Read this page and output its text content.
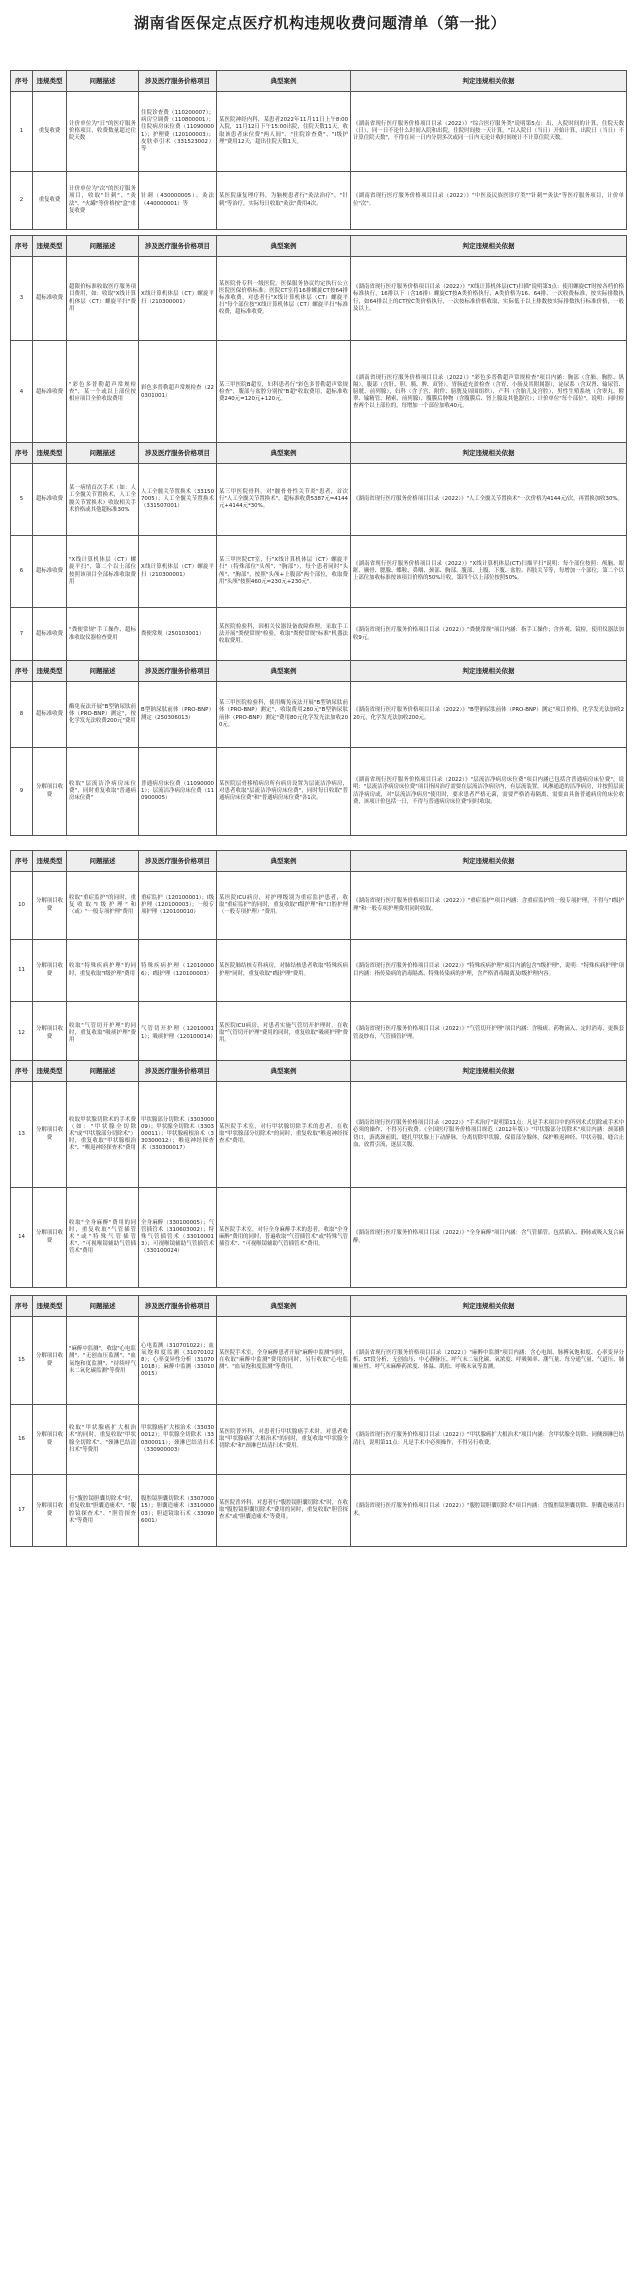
湖南省医保定点医疗机构违规收费问题清单（第一批）
序号	违规类型	问题描述	涉及医疗服务价格项目	典型案例	判定违规相关依据
1	重复收费	计价单位为"日"的医疗服务价格项目，收费数量超过住院天数	住院诊查费（110200007）；病房空调费（110800001）；住院病房床位费（110900001）；护理费（120100003）；皮肤牵引术（331523002）等	某医院神经内科，某患者2022年11月11日上午8:00入院，11月12日下午15:00出院，住院天数11天，收取该患者床位费"两人间"、"住院诊查费"、"I级护理"费用12天，超出住院天数1天。	《湖南省现行医疗服务价格项目目录（2022）》"综合医疗服务类"说明第5点：出、入院时间的计算，住院天数（日），同一日不论什么时间入院和出院，住院时间按一天计算，"以入院日（当日）开始计算，出院日（当日）不计算住院天数"，不得在同一日内分别多次或同一日内无论计收时间统计不计算住院天数。
2	重复收费	计价单位为"次"的医疗服务项目，收取"针刺"、"灸法"、"火罐"等价格按"盒"重复收费	针刺（430000005）；灸法（440000001）等	某医院康复理疗科，为脑梗患者行"灸法治疗"、"针刺"等治疗，实际每日收取"灸法"费用4次。	《湖南省现行医疗服务价格项目目录（2022）》"中医及民族医诊疗类""针刺""灸法"等医疗服务项目，计价单位"次"。
序号	违规类型	问题描述	涉及医疗服务价格项目	典型案例	判定违规相关依据
3	超标准收费	超限价标准收取医疗服务项目费用，如：收取"X线计算机体层（CT）螺旋平扫"费用	X线计算机体层（CT）螺旋平扫（210300001）	某医院骨专科一级医院，医保服务协议约定执行公立医院医保价格标准。医院CT室将16排螺旋CT按64排标准收费，对患者行"X线计算机体层（CT）螺旋平扫"每个部位按"X线计算机体层（CT）螺旋平扫"标准收费，超标准收费。	《湖南省现行医疗服务价格项目目录（2022）》"X线计算机体层(CT)扫描"说明第3点：使用螺旋CT时按各档价格标准执行，16排以下（含16排）螺旋CT按A类价格执行，A类价格为16、64排、一次收费标准，按实际排数执行，如64排以上的CT按C类价格执行，一次按标准价格收取，实际低于以上排数按实际排数执行标准价格，一般及以上。
4	超标准收费	"彩色多普勒超声常规检查"，某一个或以上部位按相应项目全价收取费用	彩色多普勒超声常规检查（220301001）	某三甲医院B超室，妇科患者行"彩色多普勒超声常规检查"，腹部与盆腔分别按"B超"收取费用，超标准收费240元=120元+120元。	《湖南省现行医疗服务价格项目目录（2022）》"彩色多普勒超声常规检查"项目内涵：胸部（含肺、胸腔、纵隔），腹部（含肝、胆、胰、脾、双肾），胃肠道充盈检查（含胃、小肠及其附属器），泌尿系（含双肾、输尿管、膀胱、前列腺），妇科（含子宫、附件、膀胱及周围组织），产科（含胎儿及宫腔），男性生殖系统（含睾丸、附睾、输精管、精索、前列腺），腹膜后肿物（含腹膜后、肾上腺及其他器官）；计价单位"每个部位"，说明：同时检查两个以上部位的，每增加一个部位加收40元。
序号	违规类型	问题描述	涉及医疗服务价格项目	典型案例	判定违规相关依据
5	超标准收费	某一病情首次手术（如：人工全髋关节置换术，人工全髋关节置换术）收取相关手术价格或其他超标准30%	人工全髋关节置换术（331507005）；人工全髋关节置换术（331507001）	某三甲医院骨科，对"髋骨骨性关节炎"患者，首次行"人工全髋关节置换术"，超标准收费5387元=4144元+4144元*30%。	《湖南省现行医疗服务价格项目目录（2022）》"人工全髋关节置换术"一次价格为4144元/次，再置换加收30%。
6	超标准收费	"X线计算机体层（CT）螺旋平扫"，第二个以上部位按照该项目全部标准收取费用	X线计算机体层（CT）螺旋平扫（210300001）	某三甲医院CT室，行"X线计算机体层（CT）螺旋平扫"（特殊部位"头颅"、"胸部"），每个患者同时"头颅"、"胸部"，按照"头颅+上腹部"两个部位，收取费用"头颅"按照460元=230元+230元"。	《湖南省现行医疗服务价格项目目录（2022）》"X线计算机体层(CT)扫描平扫"说明：每个部位按照：颅脑、眼眶、颞骨、腮腺、蝶鞍、鼻咽、颈部、胸部、腹部、上腹、下腹、盆腔、四肢关节等，每增加一个部位，第二个以上部位加收标准按该项目价格的50%计收，第四个以上部位按照50%。
7	超标准收费	"粪便常规"手工操作、超标准收取仪器检查费用	粪便常规（250103001）	某医院检验科，因相关仪器设备故障修理，采取手工法开展"粪便常规"检验，收取"粪便常规"标准"机器法收取费用。	《湖南省现行医疗服务价格项目目录（2022）》"粪便常规"项目内涵：指手工操作；含外观、镜检，使用仪器法加收9元。
序号	违规类型	问题描述	涉及医疗服务价格项目	典型案例	判定违规相关依据
8	超标准收费	酶免夜法开展"B型钠尿肽前体（PRO-BNP）测定"，按化学发光法收费200元"费用	B型钠尿肽前体（PRO-BNP）测定（250306013）	某三甲医院检验科，使用酶免夜法开展"B型钠尿肽前体（PRO-BNP）测定"，收取费用280元"B型钠尿肽前体（PRO-BNP）测定"费用80元化学发光法加收200元。	《湖南省现行医疗服务价格项目目录（2022）》"B型钠尿肽前体（PRO-BNP）测定"项目价格，化学发光法加收220元，化学发光法加收200元。
9	分解项目收费	收取"层流洁净病房床位费"，同时重复收取"普通病房床位费"	普通病房床位费（110900001）；层流洁净病房床位费（110900005）	某医院层骨移植病房所有病房设置为层流洁净病房，对患者收取"层流洁净病房床位费"，同时每日收取"普通病房床位费"和"普通病房床位费"各1次。	《湖南省现行医疗服务价格项目目录（2022）》"层流洁净病房床位费"项目内涵已包括含普通病房床位费"，说明："层流洁净病房床位费"项目指因治疗需要在层流洁净病房内，有层流装置，风淋通道的洁净病房，并按照层流洁净病房或，对"层流洁净病房"使用时，要求患者严格无菌，需要严格消毒隔离、需要由具备普通病房的床位收费，该项计价包括一日，不得与普通病房床位费"同时收取。
序号	违规类型	问题描述	涉及医疗服务价格项目	典型案例	判定违规相关依据
10	分解项目收费	收取"重症监护"的同时，重复收取"I级护理"和（或）"一般专项护理"费用	重症监护（120100001）；I级护理（120100003）；一般专项护理（120100010）	某医院ICU病房，对护理级别为重症监护患者，收取"重症监护"的同时，重复收取"I级护理"和"口腔护理（一般专项护理）"费用。	《湖南省现行医疗服务价格项目目录（2022）》"重症监护"项目内涵：含重症监护的一般专项护理，不得与"I级护理"和一般专项护理费用同时收取。
11	分解项目收费	收取"特殊疾病护理"的同时，重复收取"I级护理"费用	特殊疾病护理（120100006）；I级护理（120100003）	某医院肺结核专科病房，对肺结核患者收取"特殊疾病护理"同时，重复收取"I级护理"费用。	《湖南省现行医疗服务价格项目目录（2022）》"特殊疾病护理"项目内涵包含"I级护理"，说明："特殊疾病护理"项目内涵：指传染病的消毒隔离、特殊传染病的护理，含严格消毒隔离及I级护理内容。
12	分解项目收费	收取"气管切开护理"的同时，重复收取"吸痰护理"费用	气管切开护理（120100011）；吸痰护理（120100014）	某医院ICU病房，对患者实施气管切开护理时，在收取"气管切开护理"费用的同时，重复收取"吸痰护理"费用。	《湖南省现行医疗服务价格项目目录（2022）》"气管切开护理"项目内涵：含吸痰、药物滴入、定时消毒、更换套管及纱布，气管插管护理。
序号	违规类型	问题描述	涉及医疗服务价格项目	典型案例	判定违规相关依据
13	分解项目收费	收取甲状腺切除术的手术费（如："甲状腺全切除术"或"甲状腺部分切除术"）时，重复收取"甲状腺根治术"、"喉返神经探查术"费用	甲状腺部分切除术（330300009）；甲状腺全切除术（330300011）；甲状腺癌根治术（330300012）；喉返神经探查术（330300017）	某医院手术室，对行甲状腺切除手术的患者，在收取"甲状腺部分切除术"的同时，重复收取"喉返神经探查术"费用。	《湖南省现行医疗服务价格项目目录（2022）》"手术治疗"说明第11点：凡是手术项目中的所列术式切除或手术中必须的操作，不得另行收费。《全国医疗服务价格项目规范（2012年版）》"甲状腺部分切除术"项目内涵：颈部横切口，游离颈前肌，缝扎甲状腺上下动静脉，分离切除甲状腺，保留部分腺体，保护喉返神经、甲状旁腺，缝合止血，放置引流，逐层关腹。
14	分解项目收费	收取"全身麻醉"费用的同时，重复收取"气管插管术"或"特殊气管插管术"、"可视喉镜辅助气管插管术"费用	全身麻醉（330100005）；气管插管术（310603002）；特殊气管插管术（330100013）；可视喉镜辅助气管插管术（330100024）	某医院手术室，对行全身麻醉手术的患者，收取"全身麻醉"费用的同时，普遍收取"气管插管术"或"特殊气管插管术"、"可视喉镜辅助气管插管术"费用。	《湖南省现行医疗服务价格项目目录（2022）》"全身麻醉"项目内涵：含气管插管，包括插入、静脉或吸入复合麻醉。
序号	违规类型	问题描述	涉及医疗服务价格项目	典型案例	判定违规相关依据
15	分解项目收费	"麻醉中监测"，收取"心电监测"、"无创血压监测"、"血氧饱和度监测"、"持续呼气末二氧化碳监测"等费用	心电监测（310701022）；血氧饱和度监测（310701028）；心率变异性分析（310701018）；麻醉中监测（330100015）	某医院手术室，全身麻醉患者开展"麻醉中监测"同时，在收取"麻醉中监测"费用的同时，另行收取"心电监测"、"血氧饱和度监测"等费用。	《湖南省现行医疗服务价格项目目录（2022）》"麻醉中监测"项目内涵：含心电图、脉搏氧饱和度、心率变异分析、ST段分析、无创血压、中心静脉压、呼气末二氧化碳、氧浓度、呼吸频率、潮气量、每分通气量、气道压、肺顺应性、呼气末麻醉药浓度、体温、肌松、呼吸末氧等监测。
16	分解项目收费	收取"甲状腺癌扩大根治术"的同时，重复收取"甲状腺全切除术"、"颈淋巴结清扫术"等费用	甲状腺癌扩大根治术（330300012）；甲状腺全切除术（330300011）；颈淋巴结清扫术（330900003）	某医院普外科，对患者行甲状腺癌手术时，对患者收取"甲状腺癌扩大根治术"的同时，重复收取"甲状腺全切除术"和"颈淋巴结清扫术"费用。	《湖南省现行医疗服务价格项目目录（2022）》"甲状腺癌扩大根治术"项目内涵：含甲状腺全切除、同侧颈淋巴结清扫，说明第11点：凡是手术中必须操作，不得另行收费。
17	分解项目收费	行"腹腔镜胆囊切除术"时，重复收取"胆囊造瘘术"、"腹腔镜探查术"、"胆管探查术"等费用	腹腔镜胆囊切除术（330700015）；胆囊造瘘术（331000003）；胆道镜取石术（330906001）	某医院普外科，对患者行"腹腔镜胆囊切除术"时，在收取"腹腔镜胆囊切除术"费用的同时，重复收取"胆管探查术"或"胆囊造瘘术"等费用。	《湖南省现行医疗服务价格项目目录（2022）》"腹腔镜胆囊切除术"项目内涵：含腹腔镜胆囊切除、胆囊造瘘清扫术。
